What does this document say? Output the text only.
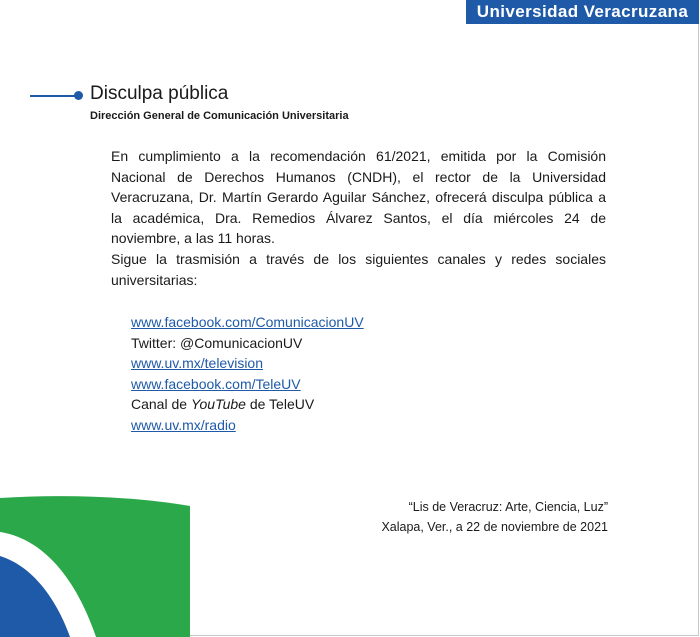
Universidad Veracruzana
Disculpa pública
Dirección General de Comunicación Universitaria

En cumplimiento a la recomendación 61/2021, emitida por la Comisión Nacional de Derechos Humanos (CNDH), el rector de la Universidad Veracruzana, Dr. Martín Gerardo Aguilar Sánchez, ofrecerá disculpa pública a la académica, Dra. Remedios Álvarez Santos, el día miércoles 24 de noviembre, a las 11 horas.

Sigue la trasmisión a través de los siguientes canales y redes sociales universitarias:

www.facebook.com/ComunicacionUV
Twitter: @ComunicacionUV
www.uv.mx/television
www.facebook.com/TeleUV
Canal de YouTube de TeleUV
www.uv.mx/radio
“Lis de Veracruz: Arte, Ciencia, Luz”
Xalapa, Ver., a 22 de noviembre de 2021
